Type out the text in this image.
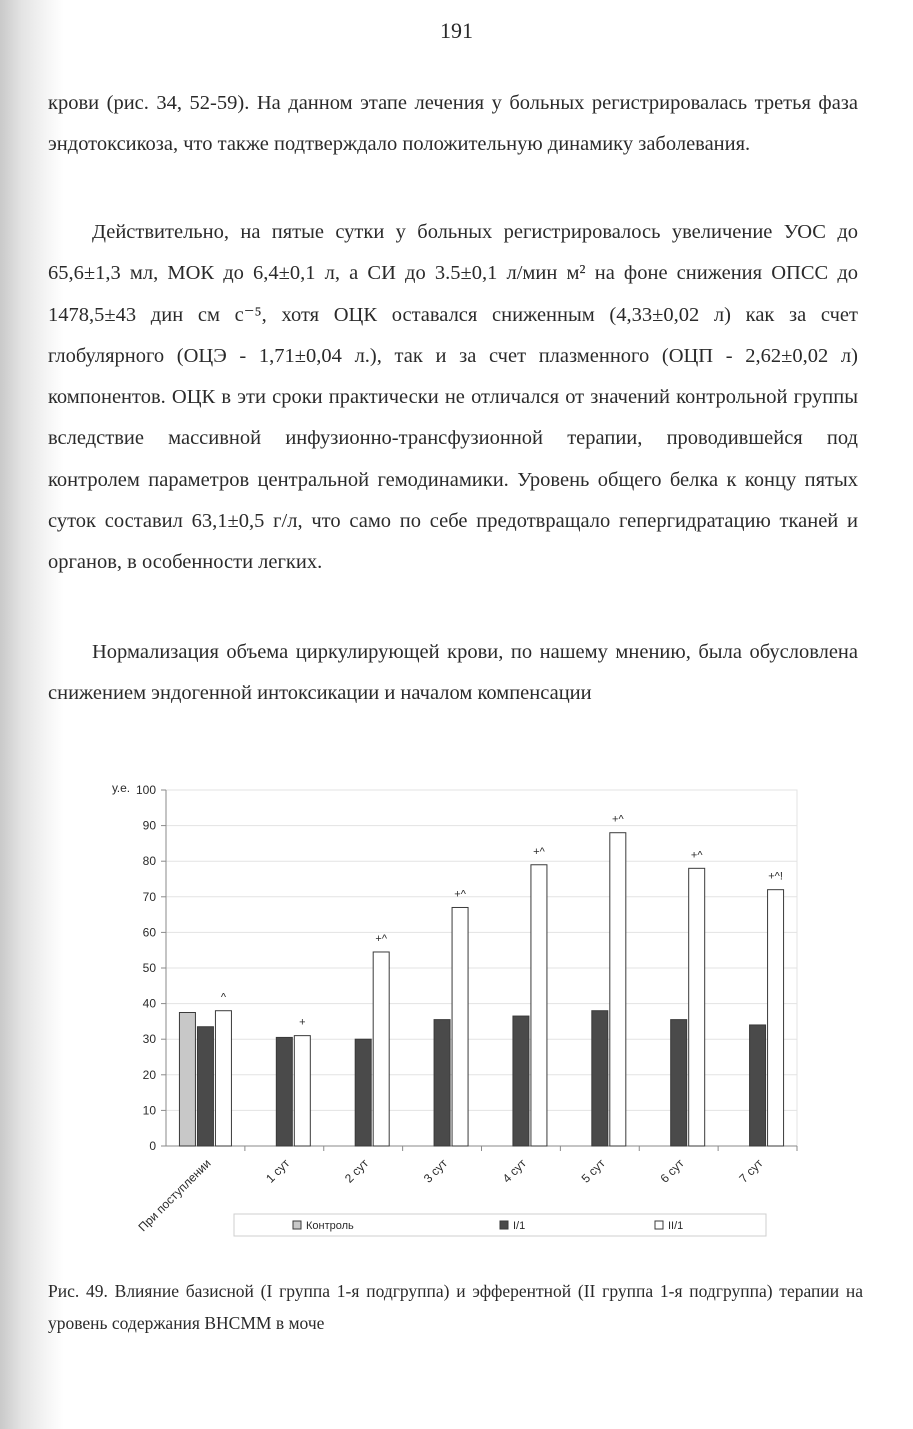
191

крови (рис. 34, 52-59). На данном этапе лечения у больных регистрировалась третья фаза эндотоксикоза, что также подтверждало положительную динамику заболевания.

Действительно, на пятые сутки у больных регистрировалось увеличение УОС до 65,6±1,3 мл, МОК до 6,4±0,1 л, а СИ до 3.5±0,1 л/мин м² на фоне снижения ОПСС до 1478,5±43 дин см с⁻⁵, хотя ОЦК оставался сниженным (4,33±0,02 л) как за счет глобулярного (ОЦЭ - 1,71±0,04 л.), так и за счет плазменного (ОЦП - 2,62±0,02 л) компонентов. ОЦК в эти сроки практически не отличался от значений контрольной группы вследствие массивной инфузионно-трансфузионной терапии, проводившейся под контролем параметров центральной гемодинамики. Уровень общего белка к концу пятых суток составил 63,1±0,5 г/л, что само по себе предотвращало гепергидратацию тканей и органов, в особенности легких.

Нормализация объема циркулирующей крови, по нашему мнению, была обусловлена снижением эндогенной интоксикации и началом компенсации

0
10
20
30
40
50
60
70
80
90
100
у.е.
^
При поступлении
+
1 сут
+^
2 сут
+^
3 сут
+^
4 сут
+^
5 сут
+^
6 сут
+^!
7 сут
Контроль	I/1	II/1

Рис. 49. Влияние базисной (I группа 1-я подгруппа) и эфферентной (II группа 1-я подгруппа) терапии на уровень содержания ВНСММ в моче
